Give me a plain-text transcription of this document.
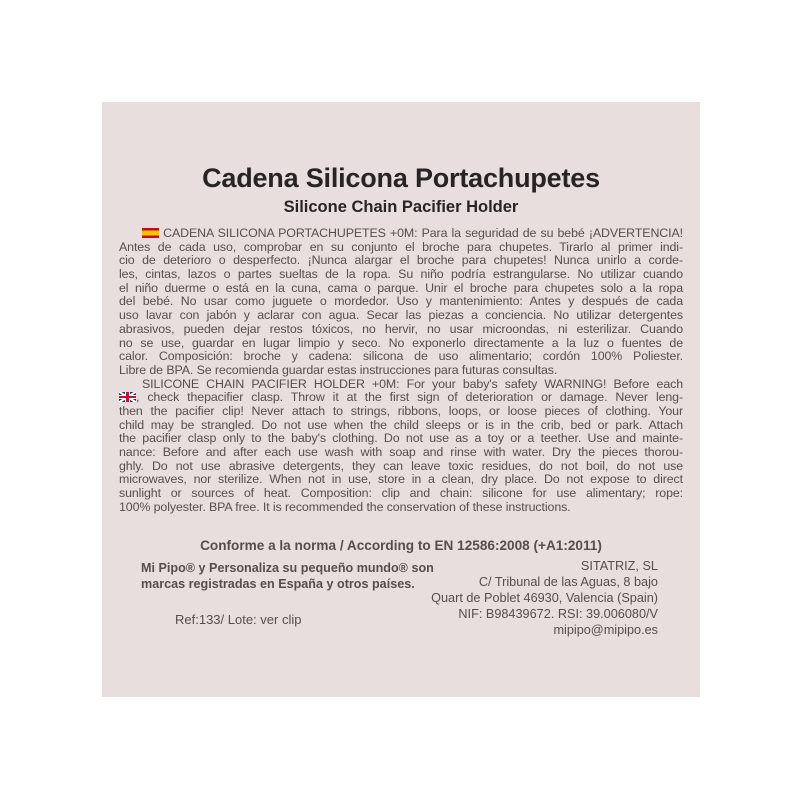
Cadena Silicona Portachupetes
Silicone Chain Pacifier Holder
CADENA SILICONA PORTACHUPETES +0M: Para la seguridad de su bebé ¡ADVERTENCIA!
Antes de cada uso, comprobar en su conjunto el broche para chupetes. Tirarlo al primer indi-
cio de deterioro o desperfecto. ¡Nunca alargar el broche para chupetes! Nunca unirlo a corde-
les, cintas, lazos o partes sueltas de la ropa. Su niño podría estrangularse. No utilizar cuando
el niño duerme o está en la cuna, cama o parque. Unir el broche para chupetes solo a la ropa
del bebé. No usar como juguete o mordedor. Uso y mantenimiento: Antes y después de cada
uso lavar con jabón y aclarar con agua. Secar las piezas a conciencia. No utilizar detergentes
abrasivos, pueden dejar restos tóxicos, no hervir, no usar microondas, ni esterilizar. Cuando
no se use, guardar en lugar limpio y seco. No exponerlo directamente a la luz o fuentes de
calor. Composición: broche y cadena: silicona de uso alimentario; cordón 100% Poliester.
Libre de BPA. Se recomienda guardar estas instrucciones para futuras consultas.
SILICONE CHAIN PACIFIER HOLDER +0M: For your baby's safety WARNING! Before each
, check thepacifier clasp. Throw it at the first sign of deterioration or damage. Never leng-
then the pacifier clip! Never attach to strings, ribbons, loops, or loose pieces of clothing. Your
child may be strangled. Do not use when the child sleeps or is in the crib, bed or park. Attach
the pacifier clasp only to the baby's clothing. Do not use as a toy or a teether. Use and mainte-
nance: Before and after each use wash with soap and rinse with water. Dry the pieces thorou-
ghly. Do not use abrasive detergents, they can leave toxic residues, do not boil, do not use
microwaves, nor sterilize. When not in use, store in a clean, dry place. Do not expose to direct
sunlight or sources of heat. Composition: clip and chain: silicone for use alimentary; rope:
100% polyester. BPA free. It is recommended the conservation of these instructions.
Conforme a la norma / According to EN 12586:2008 (+A1:2011)
Mi Pipo® y Personaliza su pequeño mundo® son
marcas registradas en España y otros países.
SITATRIZ, SL
C/ Tribunal de las Aguas, 8 bajo
Quart de Poblet 46930, Valencia (Spain)
NIF: B98439672. RSI: 39.006080/V
mipipo@mipipo.es
Ref:133/ Lote: ver clip
